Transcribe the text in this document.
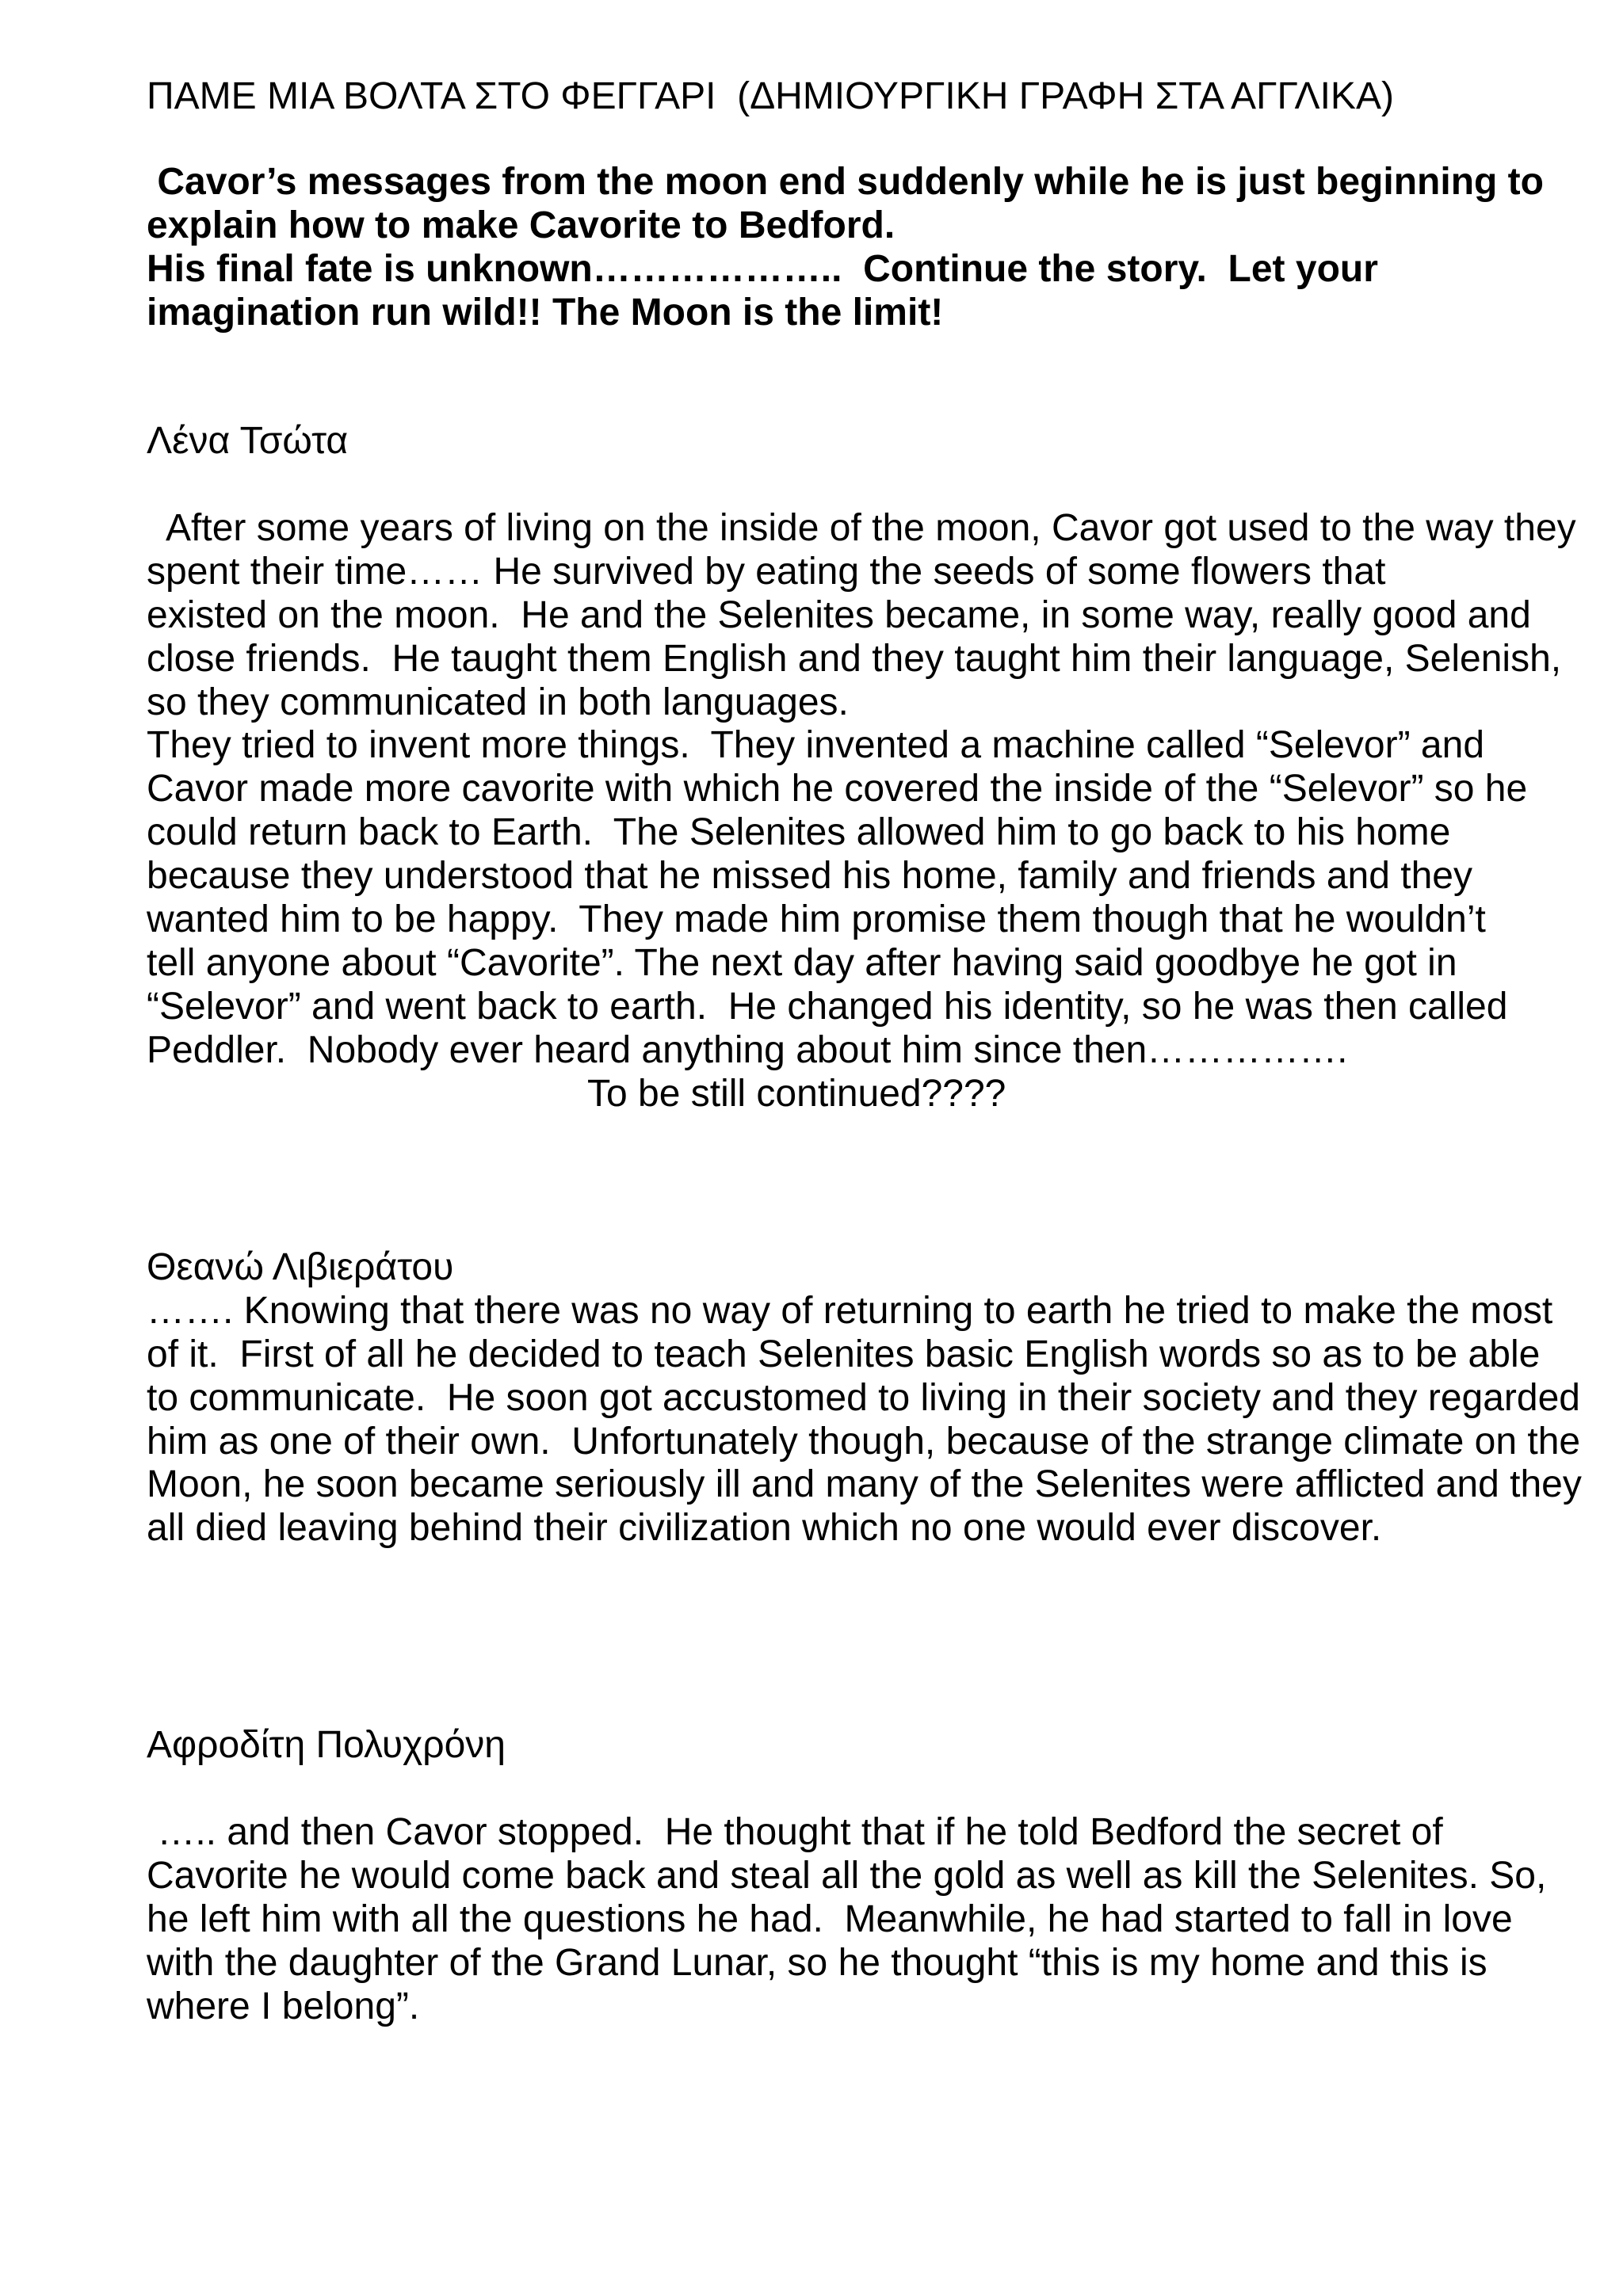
ΠΑΜΕ ΜΙΑ ΒΟΛΤΑ ΣΤΟ ΦΕΓΓΑΡΙ  (ΔΗΜΙΟΥΡΓΙΚΗ ΓΡΑΦΗ ΣΤΑ ΑΓΓΛΙΚΑ)
Cavor’s messages from the moon end suddenly while he is just beginning to
explain how to make Cavorite to Bedford.
His final fate is unknown………………..  Continue the story.  Let your
imagination run wild!! The Moon is the limit!
Λένα Τσώτα
After some years of living on the inside of the moon, Cavor got used to the way they
spent their time…… He survived by eating the seeds of some flowers that
existed on the moon.  He and the Selenites became, in some way, really good and
close friends.  He taught them English and they taught him their language, Selenish,
so they communicated in both languages.
They tried to invent more things.  They invented a machine called “Selevor” and
Cavor made more cavorite with which he covered the inside of the “Selevor” so he
could return back to Earth.  The Selenites allowed him to go back to his home
because they understood that he missed his home, family and friends and they
wanted him to be happy.  They made him promise them though that he wouldn’t
tell anyone about “Cavorite”. The next day after having said goodbye he got in
“Selevor” and went back to earth.  He changed his identity, so he was then called
Peddler.  Nobody ever heard anything about him since then…………….
To be still continued????
Θεανώ Λιβιεράτου
……. Knowing that there was no way of returning to earth he tried to make the most
of it.  First of all he decided to teach Selenites basic English words so as to be able
to communicate.  He soon got accustomed to living in their society and they regarded
him as one of their own.  Unfortunately though, because of the strange climate on the
Moon, he soon became seriously ill and many of the Selenites were afflicted and they
all died leaving behind their civilization which no one would ever discover.
Αφροδίτη Πολυχρόνη
….. and then Cavor stopped.  He thought that if he told Bedford the secret of
Cavorite he would come back and steal all the gold as well as kill the Selenites. So,
he left him with all the questions he had.  Meanwhile, he had started to fall in love
with the daughter of the Grand Lunar, so he thought “this is my home and this is
where I belong”.
